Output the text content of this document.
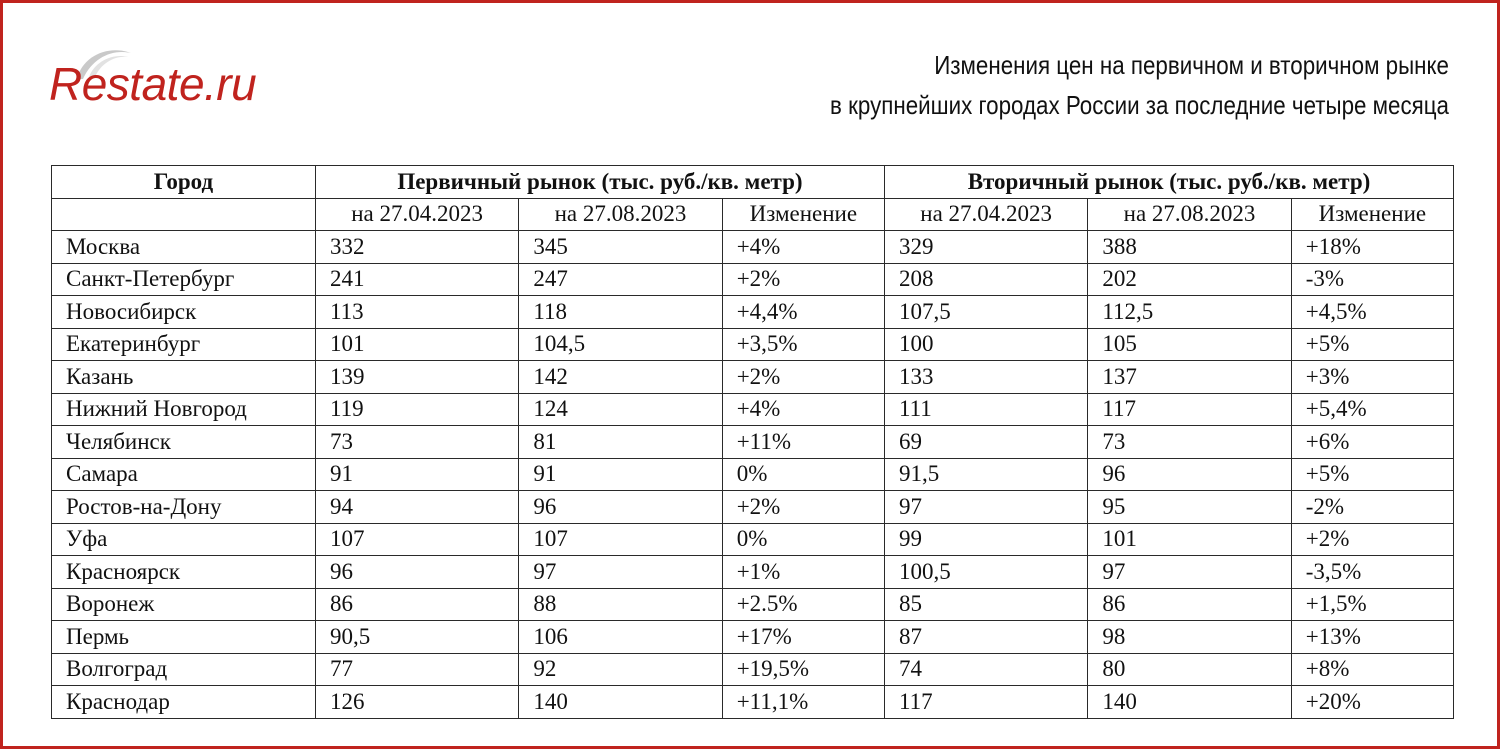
Restate.ru	Изменения цен на первичном и вторичном рынке
в крупнейших городах России за последние четыре месяца
Город	Первичный рынок (тыс. руб./кв. метр)			Вторичный рынок (тыс. руб./кв. метр)		
	на 27.04.2023	на 27.08.2023	Изменение	на 27.04.2023	на 27.08.2023	Изменение
Москва	332	345	+4%	329	388	+18%
Санкт-Петербург	241	247	+2%	208	202	-3%
Новосибирск	113	118	+4,4%	107,5	112,5	+4,5%
Екатеринбург	101	104,5	+3,5%	100	105	+5%
Казань	139	142	+2%	133	137	+3%
Нижний Новгород	119	124	+4%	111	117	+5,4%
Челябинск	73	81	+11%	69	73	+6%
Самара	91	91	0%	91,5	96	+5%
Ростов-на-Дону	94	96	+2%	97	95	-2%
Уфа	107	107	0%	99	101	+2%
Красноярск	96	97	+1%	100,5	97	-3,5%
Воронеж	86	88	+2.5%	85	86	+1,5%
Пермь	90,5	106	+17%	87	98	+13%
Волгоград	77	92	+19,5%	74	80	+8%
Краснодар	126	140	+11,1%	117	140	+20%
